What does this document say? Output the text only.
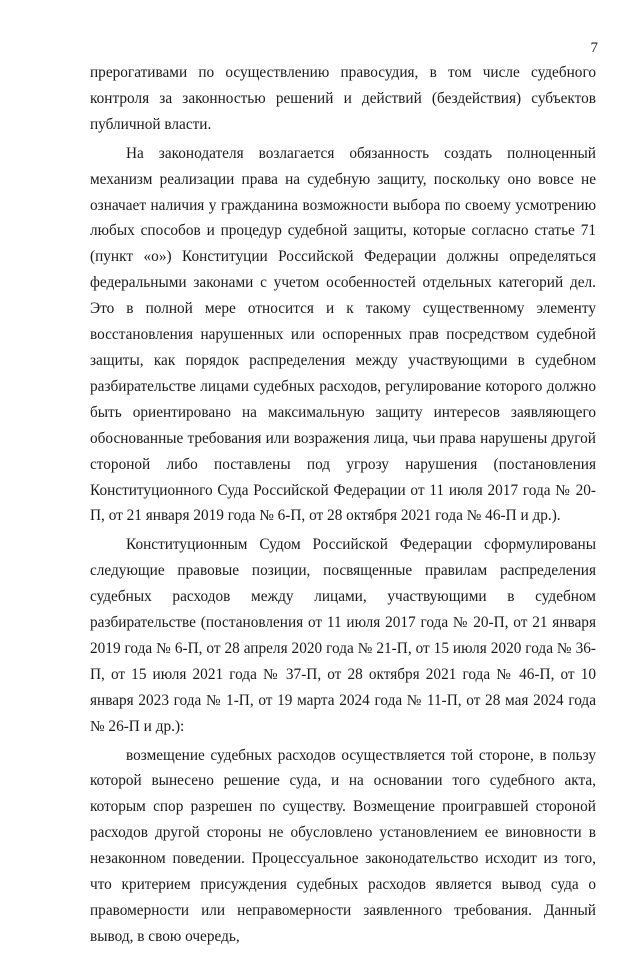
7

прерогативами по осуществлению правосудия, в том числе судебного контроля за законностью решений и действий (бездействия) субъектов публичной власти.

На законодателя возлагается обязанность создать полноценный механизм реализации права на судебную защиту, поскольку оно вовсе не означает наличия у гражданина возможности выбора по своему усмотрению любых способов и процедур судебной защиты, которые согласно статье 71 (пункт «о») Конституции Российской Федерации должны определяться федеральными законами с учетом особенностей отдельных категорий дел. Это в полной мере относится и к такому существенному элементу восстановления нарушенных или оспоренных прав посредством судебной защиты, как порядок распределения между участвующими в судебном разбирательстве лицами судебных расходов, регулирование которого должно быть ориентировано на максимальную защиту интересов заявляющего обоснованные требования или возражения лица, чьи права нарушены другой стороной либо поставлены под угрозу нарушения (постановления Конституционного Суда Российской Федерации от 11 июля 2017 года № 20-П, от 21 января 2019 года № 6-П, от 28 октября 2021 года № 46-П и др.).

Конституционным Судом Российской Федерации сформулированы следующие правовые позиции, посвященные правилам распределения судебных расходов между лицами, участвующими в судебном разбирательстве (постановления от 11 июля 2017 года № 20-П, от 21 января 2019 года № 6-П, от 28 апреля 2020 года № 21-П, от 15 июля 2020 года № 36-П, от 15 июля 2021 года № 37-П, от 28 октября 2021 года № 46-П, от 10 января 2023 года № 1-П, от 19 марта 2024 года № 11-П, от 28 мая 2024 года № 26-П и др.):

возмещение судебных расходов осуществляется той стороне, в пользу которой вынесено решение суда, и на основании того судебного акта, которым спор разрешен по существу. Возмещение проигравшей стороной расходов другой стороны не обусловлено установлением ее виновности в незаконном поведении. Процессуальное законодательство исходит из того, что критерием присуждения судебных расходов является вывод суда о правомерности или неправомерности заявленного требования. Данный вывод, в свою очередь,
